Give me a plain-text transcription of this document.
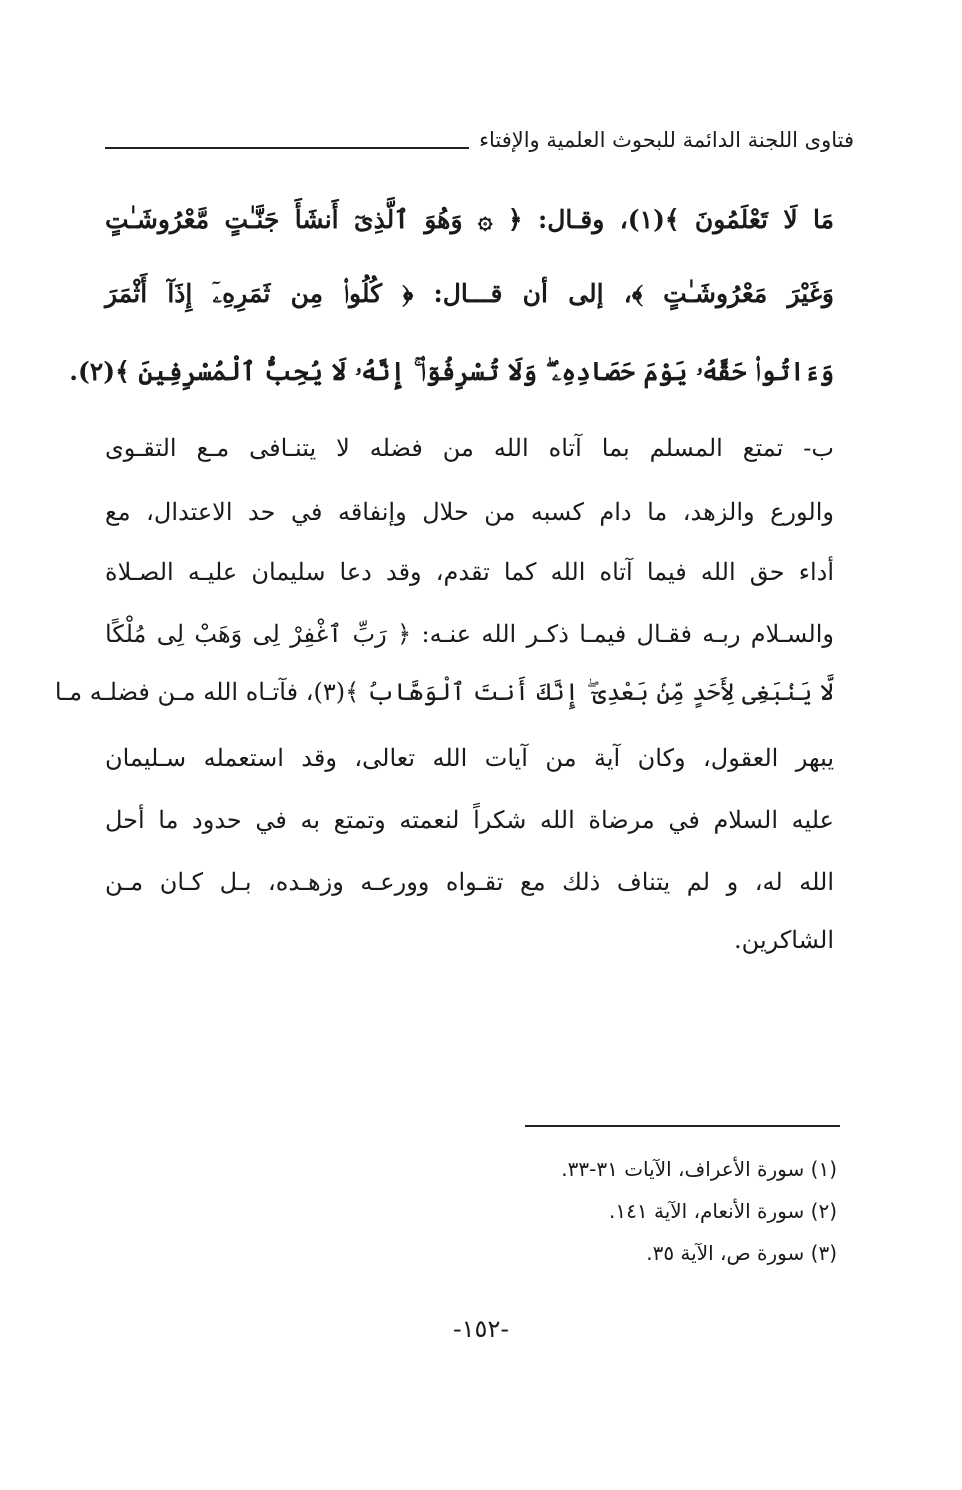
فتاوى اللجنة الدائمة للبحوث العلمية والإفتاء
مَا لَا تَعْلَمُونَ ﴾(١)، وقـال: ﴿ ۞ وَهُوَ ٱلَّذِىٓ أَنشَأَ جَنَّـٰتٍ مَّعْرُوشَـٰتٍ
وَغَيْرَ مَعْرُوشَـٰتٍ ﴾، إلى أن قـــال: ﴿ كُلُوا۟ مِن ثَمَرِهِۦٓ إِذَآ أَثْمَرَ
وَءَاتُوا۟ حَقَّهُۥ يَوْمَ حَصَادِهِۦ ۖ وَلَا تُسْرِفُوٓا۟ ۚ إِنَّهُۥ لَا يُحِبُّ ٱلْمُسْرِفِينَ ﴾(٢).
ب- تمتع المسلم بما آتاه الله من فضله لا يتنـافى مـع التقـوى
والورع والزهد، ما دام كسبه من حلال وإنفاقه في حد الاعتدال، مع
أداء حق الله فيما آتاه الله كما تقدم، وقد دعا سليمان عليـه الصـلاة
والسـلام ربـه فقـال فيمـا ذكـر الله عنـه: ﴿ رَبِّ ٱغْفِرْ لِى وَهَبْ لِى مُلْكًا
لَّا يَنۢبَغِى لِأَحَدٍ مِّنۢ بَعْدِىٓ ۖ إِنَّكَ أَنتَ ٱلْوَهَّابُ ﴾(٣)، فآتـاه الله مـن فضلـه مـا
يبهر العقول، وكان آية من آيات الله تعالى، وقد استعمله سـليمان
عليه السلام في مرضاة الله شكراً لنعمته وتمتع به في حدود ما أحل
الله له، و لم يتناف ذلك مع تقـواه وورعـه وزهـده، بـل كـان مـن
الشاكرين.
(١) سورة الأعراف، الآيات ٣١-٣٣.
(٢) سورة الأنعام، الآية ١٤١.
(٣) سورة ص، الآية ٣٥.
-١٥٢-
